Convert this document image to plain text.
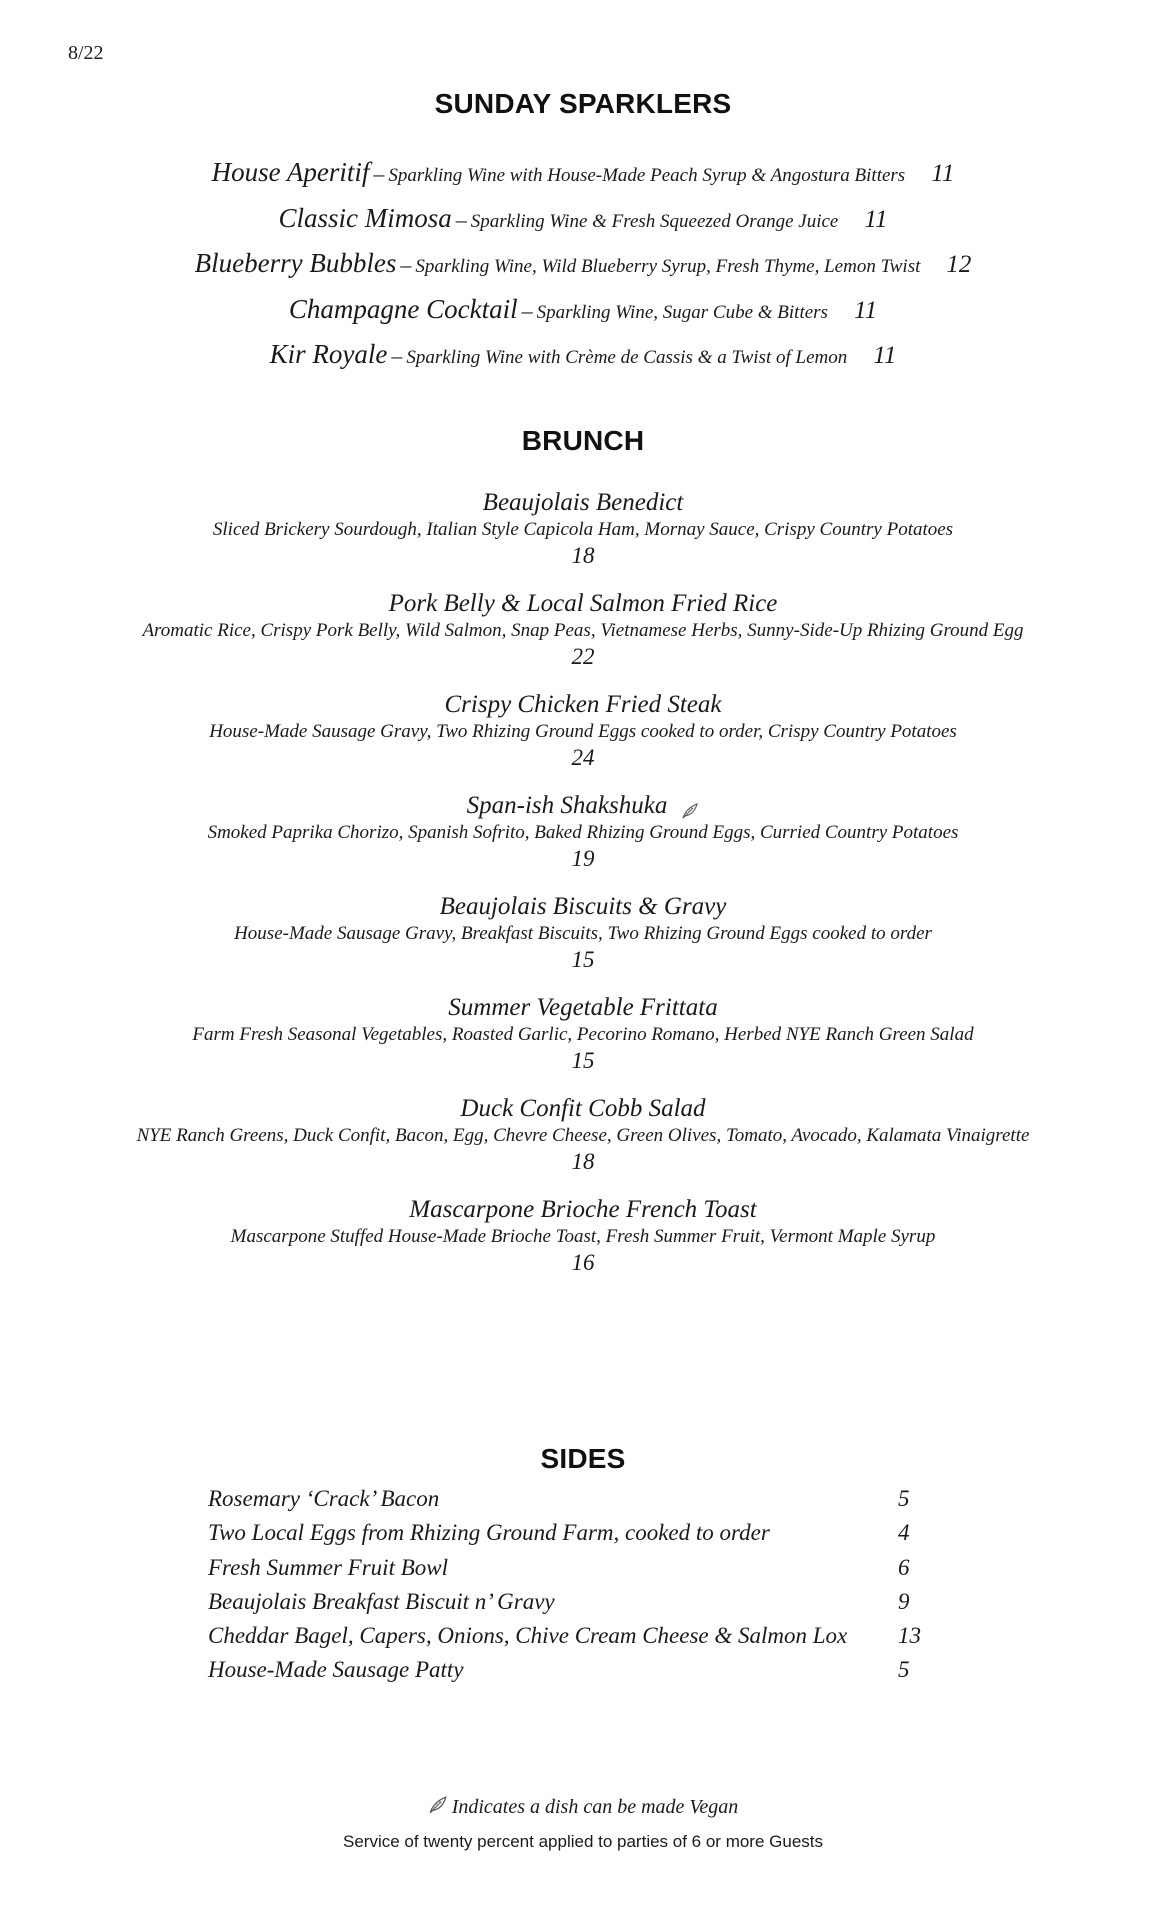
8/22
SUNDAY SPARKLERS
House Aperitif – Sparkling Wine with House-Made Peach Syrup & Angostura Bitters 11
Classic Mimosa – Sparkling Wine & Fresh Squeezed Orange Juice 11
Blueberry Bubbles – Sparkling Wine, Wild Blueberry Syrup, Fresh Thyme, Lemon Twist 12
Champagne Cocktail – Sparkling Wine, Sugar Cube & Bitters 11
Kir Royale – Sparkling Wine with Crème de Cassis & a Twist of Lemon 11
BRUNCH
Beaujolais Benedict
Sliced Brickery Sourdough, Italian Style Capicola Ham, Mornay Sauce, Crispy Country Potatoes
18
Pork Belly & Local Salmon Fried Rice
Aromatic Rice, Crispy Pork Belly, Wild Salmon, Snap Peas, Vietnamese Herbs, Sunny-Side-Up Rhizing Ground Egg
22
Crispy Chicken Fried Steak
House-Made Sausage Gravy, Two Rhizing Ground Eggs cooked to order, Crispy Country Potatoes
24
Span-ish Shakshuka
Smoked Paprika Chorizo, Spanish Sofrito, Baked Rhizing Ground Eggs, Curried Country Potatoes
19
Beaujolais Biscuits & Gravy
House-Made Sausage Gravy, Breakfast Biscuits, Two Rhizing Ground Eggs cooked to order
15
Summer Vegetable Frittata
Farm Fresh Seasonal Vegetables, Roasted Garlic, Pecorino Romano, Herbed NYE Ranch Green Salad
15
Duck Confit Cobb Salad
NYE Ranch Greens, Duck Confit, Bacon, Egg, Chevre Cheese, Green Olives, Tomato, Avocado, Kalamata Vinaigrette
18
Mascarpone Brioche French Toast
Mascarpone Stuffed House-Made Brioche Toast, Fresh Summer Fruit, Vermont Maple Syrup
16
SIDES
Rosemary ‘Crack’ Bacon	5
Two Local Eggs from Rhizing Ground Farm, cooked to order	4
Fresh Summer Fruit Bowl	6
Beaujolais Breakfast Biscuit n’ Gravy	9
Cheddar Bagel, Capers, Onions, Chive Cream Cheese & Salmon Lox 13
House-Made Sausage Patty	5
Indicates a dish can be made Vegan
Service of twenty percent applied to parties of 6 or more Guests
